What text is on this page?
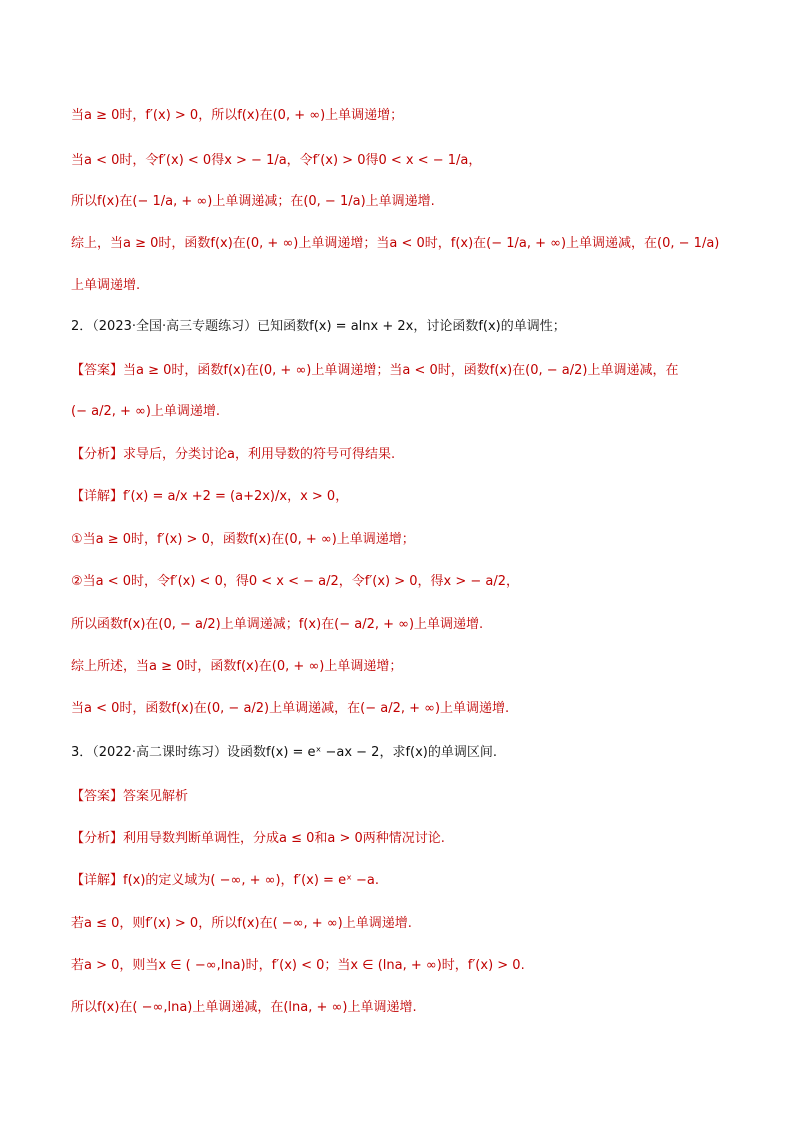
当a ≥ 0时，f′(x) > 0，所以f(x)在(0, + ∞)上单调递增；
当a < 0时，令f′(x) < 0得x > − 1/a，令f′(x) > 0得0 < x < − 1/a，
所以f(x)在(− 1/a, + ∞)上单调递减；在(0, − 1/a)上单调递增.
综上，当a ≥ 0时，函数f(x)在(0, + ∞)上单调递增；当a < 0时，f(x)在(− 1/a, + ∞)上单调递减，在(0, − 1/a)
上单调递增.
2．（2023·全国·高三专题练习）已知函数f(x) = alnx + 2x，讨论函数f(x)的单调性；
【答案】当a ≥ 0时，函数f(x)在(0, + ∞)上单调递增；当a < 0时，函数f(x)在(0, − a/2)上单调递减，在
(− a/2, + ∞)上单调递增.
【分析】求导后，分类讨论a，利用导数的符号可得结果.
【详解】f′(x) = a/x +2 = (a+2x)/x，x > 0，
①当a ≥ 0时，f′(x) > 0，函数f(x)在(0, + ∞)上单调递增；
②当a < 0时，令f′(x) < 0，得0 < x < − a/2，令f′(x) > 0，得x > − a/2，
所以函数f(x)在(0, − a/2)上单调递减；f(x)在(− a/2, + ∞)上单调递增.
综上所述，当a ≥ 0时，函数f(x)在(0, + ∞)上单调递增；
当a < 0时，函数f(x)在(0, − a/2)上单调递减，在(− a/2, + ∞)上单调递增.
3．（2022·高二课时练习）设函数f(x) = eˣ −ax − 2，求f(x)的单调区间.
【答案】答案见解析
【分析】利用导数判断单调性，分成a ≤ 0和a > 0两种情况讨论.
【详解】f(x)的定义域为( −∞, + ∞)，f′(x) = eˣ −a.
若a ≤ 0，则f′(x) > 0，所以f(x)在( −∞, + ∞)上单调递增.
若a > 0，则当x ∈ ( −∞,lna)时，f′(x) < 0；当x ∈ (lna, + ∞)时，f′(x) > 0.
所以f(x)在( −∞,lna)上单调递减，在(lna, + ∞)上单调递增.
